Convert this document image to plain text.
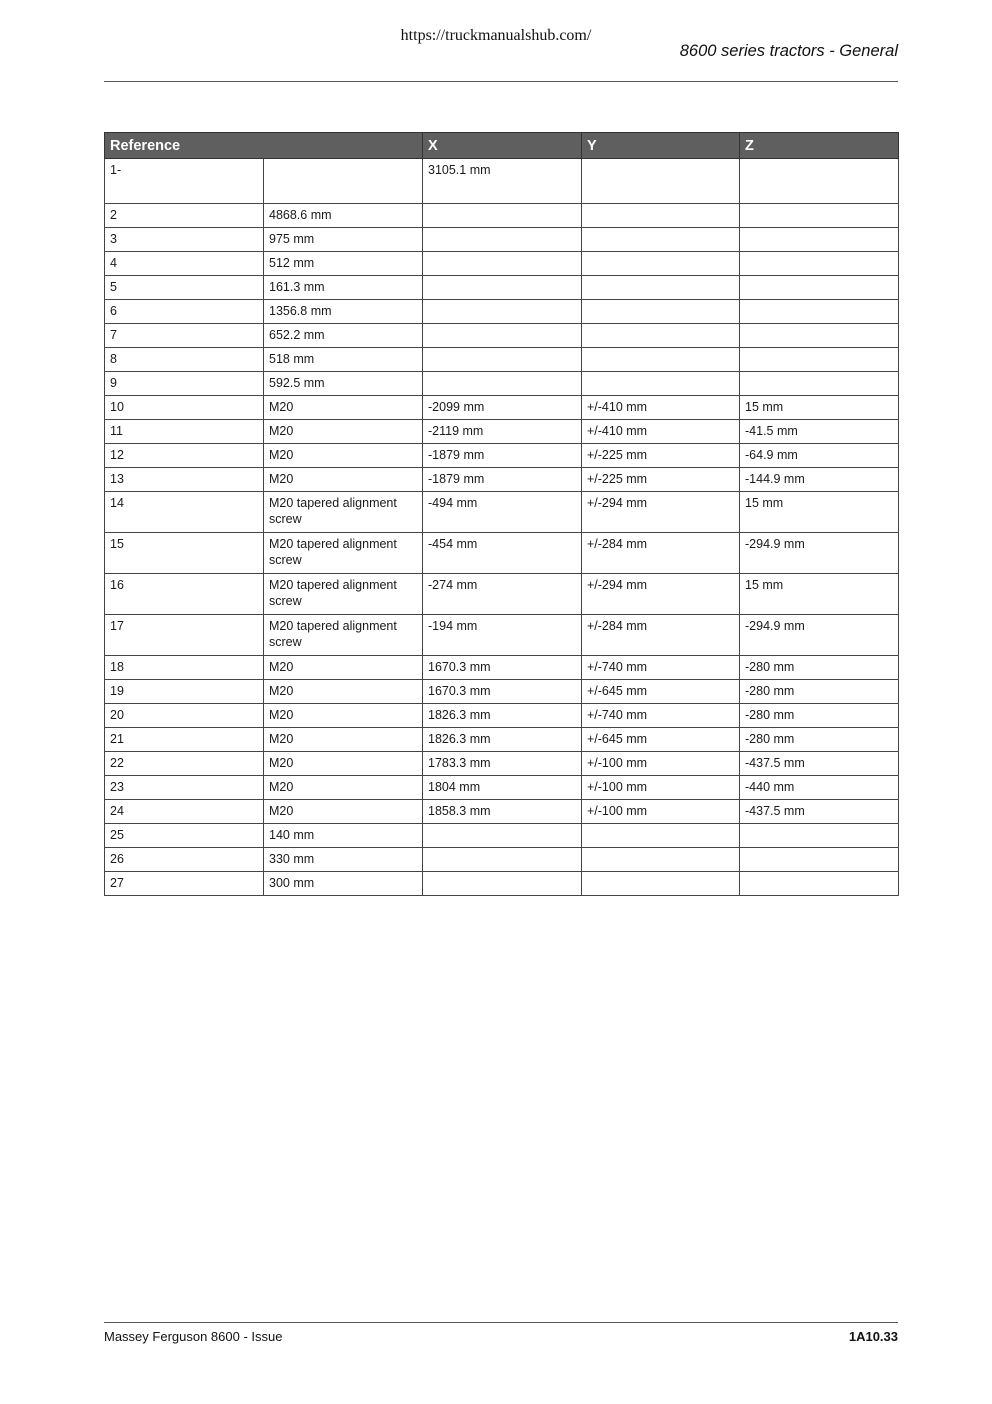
https://truckmanualshub.com/
8600 series tractors - General
Reference		X	Y	Z
1-		3105.1 mm		
2	4868.6 mm			
3	975 mm			
4	512 mm			
5	161.3 mm			
6	1356.8 mm			
7	652.2 mm			
8	518 mm			
9	592.5 mm			
10	M20	-2099 mm	+/-410 mm	15 mm
11	M20	-2119 mm	+/-410 mm	-41.5 mm
12	M20	-1879 mm	+/-225 mm	-64.9 mm
13	M20	-1879 mm	+/-225 mm	-144.9 mm
14	M20 tapered alignment screw	-494 mm	+/-294 mm	15 mm
15	M20 tapered alignment screw	-454 mm	+/-284 mm	-294.9 mm
16	M20 tapered alignment screw	-274 mm	+/-294 mm	15 mm
17	M20 tapered alignment screw	-194 mm	+/-284 mm	-294.9 mm
18	M20	1670.3 mm	+/-740 mm	-280 mm
19	M20	1670.3 mm	+/-645 mm	-280 mm
20	M20	1826.3 mm	+/-740 mm	-280 mm
21	M20	1826.3 mm	+/-645 mm	-280 mm
22	M20	1783.3 mm	+/-100 mm	-437.5 mm
23	M20	1804 mm	+/-100 mm	-440 mm
24	M20	1858.3 mm	+/-100 mm	-437.5 mm
25	140 mm			
26	330 mm			
27	300 mm			
Massey Ferguson 8600 - Issue	1A10.33
